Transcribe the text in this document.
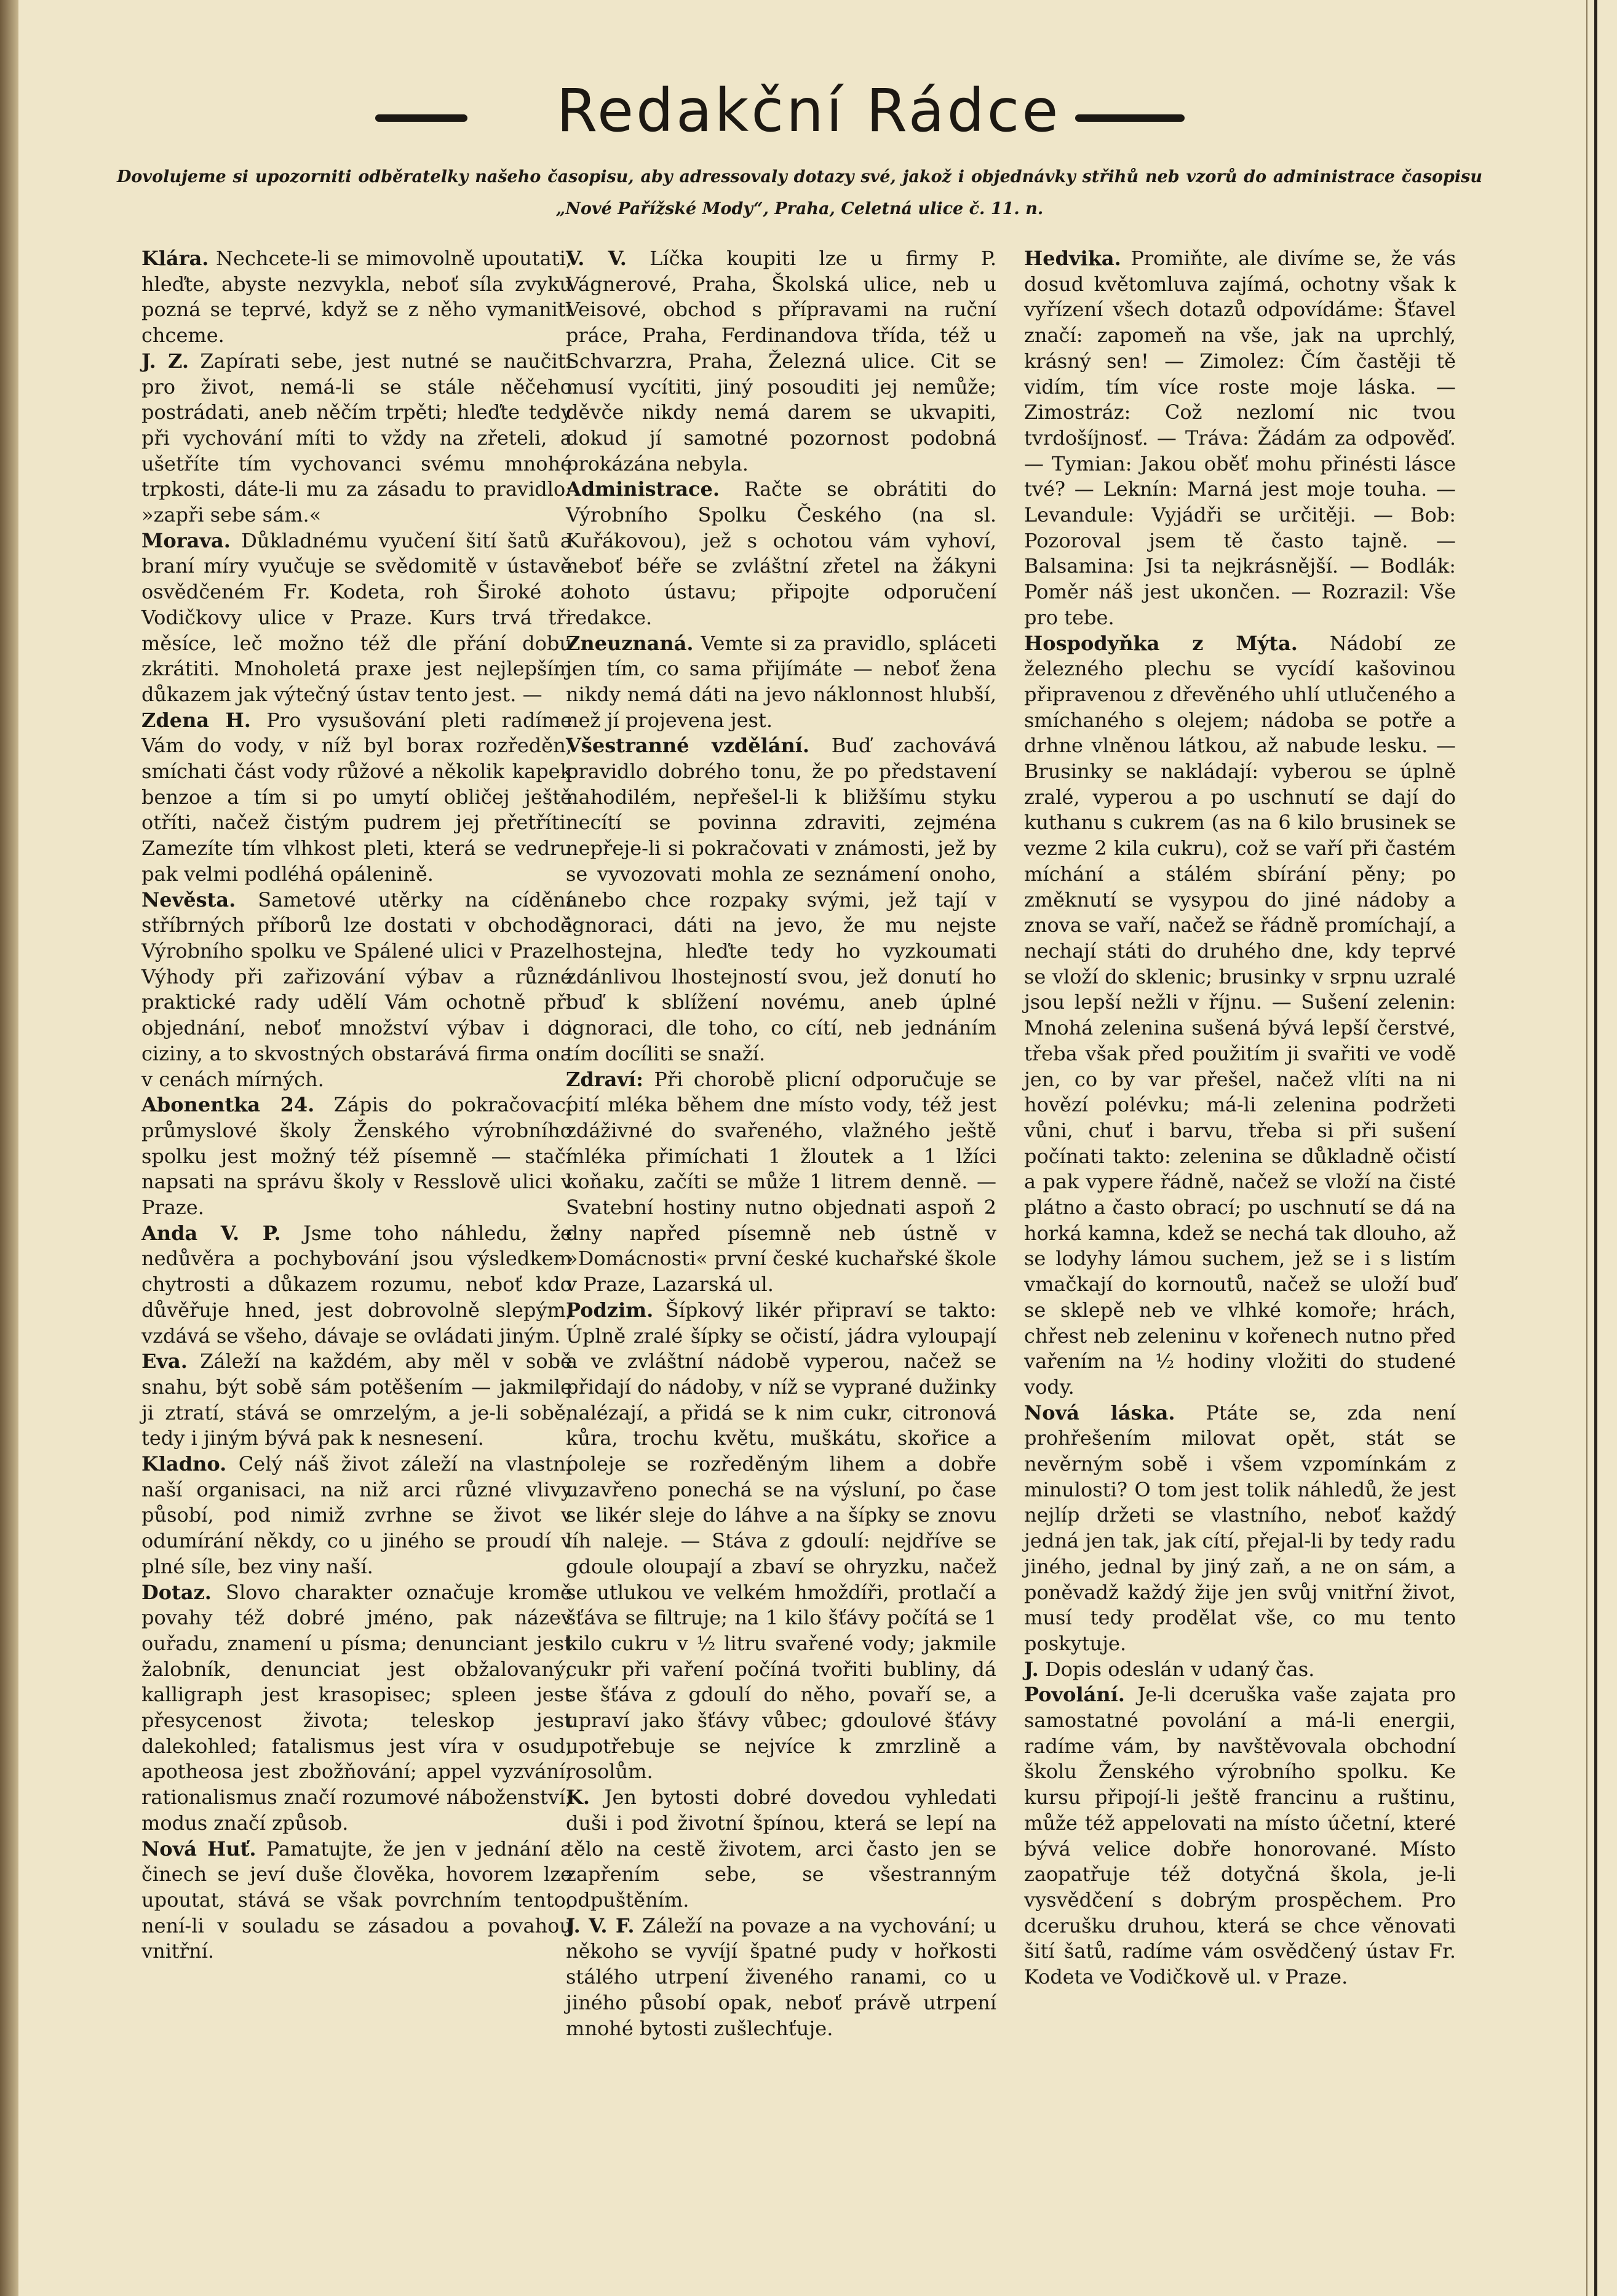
Redakční Rádce
Dovolujeme si upozorniti odběratelky našeho časopisu, aby adressovaly dotazy své, jakož i objednávky střihů neb vzorů do administrace časopisu „Nové Pařížské Mody“, Praha, Celetná ulice č. 11. n.

Klára. Nechcete-li se mimovolně upoutati, hleďte, abyste nezvykla, neboť síla zvyku pozná se teprvé, když se z něho vymaniti chceme.

J. Z. Zapírati sebe, jest nutné se naučiti pro život, nemá-li se stále něčeho postrádati, aneb něčím trpěti; hleďte tedy při vychování míti to vždy na zřeteli, a ušetříte tím vychovanci svému mnohé trpkosti, dáte-li mu za zásadu to pravidlo: »zapři sebe sám.«

Morava. Důkladnému vyučení šití šatů a braní míry vyučuje se svědomitě v ústavě osvědčeném Fr. Kodeta, roh Široké a Vodičkovy ulice v Praze. Kurs trvá tři měsíce, leč možno též dle přání dobu zkrátiti. Mnoholetá praxe jest nejlepším důkazem jak výtečný ústav tento jest. —

Zdena H. Pro vysušování pleti radíme Vám do vody, v níž byl borax rozředěn, smíchati část vody růžové a několik kapek benzoe a tím si po umytí obličej ještě otříti, načež čistým pudrem jej přetříti. Zamezíte tím vlhkost pleti, která se vedru pak velmi podléhá opálenině.

Nevěsta. Sametové utěrky na cídění stříbrných příborů lze dostati v obchodě Výrobního spolku ve Spálené ulici v Praze. Výhody při zařizování výbav a různé praktické rady udělí Vám ochotně při objednání, neboť množství výbav i do ciziny, a to skvostných obstarává firma ona v cenách mírných.

Abonentka 24. Zápis do pokračovací průmyslové školy Ženského výrobního spolku jest možný též písemně — stačí napsati na správu školy v Resslově ulici v Praze.

Anda V. P. Jsme toho náhledu, že nedůvěra a pochybování jsou výsledkem chytrosti a důkazem rozumu, neboť kdo důvěřuje hned, jest dobrovolně slepým, vzdává se všeho, dávaje se ovládati jiným.

Eva. Záleží na každém, aby měl v sobě snahu, být sobě sám potěšením — jakmile ji ztratí, stává se omrzelým, a je-li sobě, tedy i jiným bývá pak k nesnesení.

Kladno. Celý náš život záleží na vlastní naší organisaci, na niž arci různé vlivy působí, pod nimiž zvrhne se život v odumírání někdy, co u jiného se proudí v plné síle, bez viny naší.

Dotaz. Slovo charakter označuje kromě povahy též dobré jméno, pak název ouřadu, znamení u písma; denunciant jest žalobník, denunciat jest obžalovaný; kalligraph jest krasopisec; spleen jest přesycenost života; teleskop jest dalekohled; fatalismus jest víra v osud; apotheosa jest zbožňování; appel vyzvání; rationalismus značí rozumové náboženství; modus značí způsob.

Nová Huť. Pamatujte, že jen v jednání a činech se jeví duše člověka, hovorem lze upoutat, stává se však povrchním tento, není-li v souladu se zásadou a povahou vnitřní.

V. V. Líčka koupiti lze u firmy P. Vágnerové, Praha, Školská ulice, neb u Veisové, obchod s přípravami na ruční práce, Praha, Ferdinandova třída, též u Schvarzra, Praha, Železná ulice. Cit se musí vycítiti, jiný posouditi jej nemůže; děvče nikdy nemá darem se ukvapiti, dokud jí samotné pozornost podobná prokázána nebyla.

Administrace. Račte se obrátiti do Výrobního Spolku Českého (na sl. Kuřákovou), jež s ochotou vám vyhoví, neboť béře se zvláštní zřetel na žákyni tohoto ústavu; připojte odporučení redakce.

Zneuznaná. Vemte si za pravidlo, spláceti jen tím, co sama přijímáte — neboť žena nikdy nemá dáti na jevo náklonnost hlubší, než jí projevena jest.

Všestranné vzdělání. Buď zachovává pravidlo dobrého tonu, že po představení nahodilém, nepřešel-li k bližšímu styku necítí se povinna zdraviti, zejména nepřeje-li si pokračovati v známosti, jež by se vyvozovati mohla ze seznámení onoho, anebo chce rozpaky svými, jež tají v ignoraci, dáti na jevo, že mu nejste lhostejna, hleďte tedy ho vyzkoumati zdánlivou lhostejností svou, jež donutí ho buď k sblížení novému, aneb úplné ignoraci, dle toho, co cítí, neb jednáním tím docíliti se snaží.

Zdraví: Při chorobě plicní odporučuje se pití mléka během dne místo vody, též jest zdáživné do svařeného, vlažného ještě mléka přimíchati 1 žloutek a 1 lžíci koňaku, začíti se může 1 litrem denně. — Svatební hostiny nutno objednati aspoň 2 dny napřed písemně neb ústně v »Domácnosti« první české kuchařské škole v Praze, Lazarská ul.

Podzim. Šípkový likér připraví se takto: Úplně zralé šípky se očistí, jádra vyloupají a ve zvláštní nádobě vyperou, načež se přidají do nádoby, v níž se vyprané dužinky nalézají, a přidá se k nim cukr, citronová kůra, trochu květu, muškátu, skořice a poleje se rozředěným lihem a dobře uzavřeno ponechá se na výsluní, po čase se likér sleje do láhve a na šípky se znovu líh naleje. — Stáva z gdoulí: nejdříve se gdoule oloupají a zbaví se ohryzku, načež se utlukou ve velkém hmoždíři, protlačí a šťáva se filtruje; na 1 kilo šťávy počítá se 1 kilo cukru v ½ litru svařené vody; jakmile cukr při vaření počíná tvořiti bubliny, dá se šťáva z gdoulí do něho, povaří se, a upraví jako šťávy vůbec; gdoulové šťávy upotřebuje se nejvíce k zmrzlině a rosolům.

K. Jen bytosti dobré dovedou vyhledati duši i pod životní špínou, která se lepí na tělo na cestě životem, arci často jen se zapřením sebe, se všestranným odpuštěním.

J. V. F. Záleží na povaze a na vychování; u někoho se vyvíjí špatné pudy v hořkosti stálého utrpení živeného ranami, co u jiného působí opak, neboť právě utrpení mnohé bytosti zušlechťuje.

Hedvika. Promiňte, ale divíme se, že vás dosud květomluva zajímá, ochotny však k vyřízení všech dotazů odpovídáme: Šťavel značí: zapomeň na vše, jak na uprchlý, krásný sen! — Zimolez: Čím častěji tě vidím, tím více roste moje láska. — Zimostráz: Což nezlomí nic tvou tvrdošíjnosť. — Tráva: Žádám za odpověď. — Tymian: Jakou oběť mohu přinésti lásce tvé? — Leknín: Marná jest moje touha. — Levandule: Vyjádři se určitěji. — Bob: Pozoroval jsem tě často tajně. — Balsamina: Jsi ta nejkrásnější. — Bodlák: Poměr náš jest ukončen. — Rozrazil: Vše pro tebe.

Hospodyňka z Mýta. Nádobí ze železného plechu se vycídí kašovinou připravenou z dřevěného uhlí utlučeného a smíchaného s olejem; nádoba se potře a drhne vlněnou látkou, až nabude lesku. — Brusinky se nakládají: vyberou se úplně zralé, vyperou a po uschnutí se dají do kuthanu s cukrem (as na 6 kilo brusinek se vezme 2 kila cukru), což se vaří při častém míchání a stálém sbírání pěny; po změknutí se vysypou do jiné nádoby a znova se vaří, načež se řádně promíchají, a nechají státi do druhého dne, kdy teprvé se vloží do sklenic; brusinky v srpnu uzralé jsou lepší nežli v říjnu. — Sušení zelenin: Mnohá zelenina sušená bývá lepší čerstvé, třeba však před použitím ji svařiti ve vodě jen, co by var přešel, načež vlíti na ni hovězí polévku; má-li zelenina podržeti vůni, chuť i barvu, třeba si při sušení počínati takto: zelenina se důkladně očistí a pak vypere řádně, načež se vloží na čisté plátno a často obrací; po uschnutí se dá na horká kamna, kdež se nechá tak dlouho, až se lodyhy lámou suchem, jež se i s listím vmačkají do kornoutů, načež se uloží buď se sklepě neb ve vlhké komoře; hrách, chřest neb zeleninu v kořenech nutno před vařením na ½ hodiny vložiti do studené vody.

Nová láska. Ptáte se, zda není prohřešením milovat opět, stát se nevěrným sobě i všem vzpomínkám z minulosti? O tom jest tolik náhledů, že jest nejlíp držeti se vlastního, neboť každý jedná jen tak, jak cítí, přejal-li by tedy radu jiného, jednal by jiný zaň, a ne on sám, a poněvadž každý žije jen svůj vnitřní život, musí tedy prodělat vše, co mu tento poskytuje.

J. Dopis odeslán v udaný čas.

Povolání. Je-li dceruška vaše zajata pro samostatné povolání a má-li energii, radíme vám, by navštěvovala obchodní školu Ženského výrobního spolku. Ke kursu připojí-li ještě francinu a ruštinu, může též appelovati na místo účetní, které bývá velice dobře honorované. Místo zaopatřuje též dotyčná škola, je-li vysvědčení s dobrým prospěchem. Pro dcerušku druhou, která se chce věnovati šití šatů, radíme vám osvědčený ústav Fr. Kodeta ve Vodičkově ul. v Praze.
